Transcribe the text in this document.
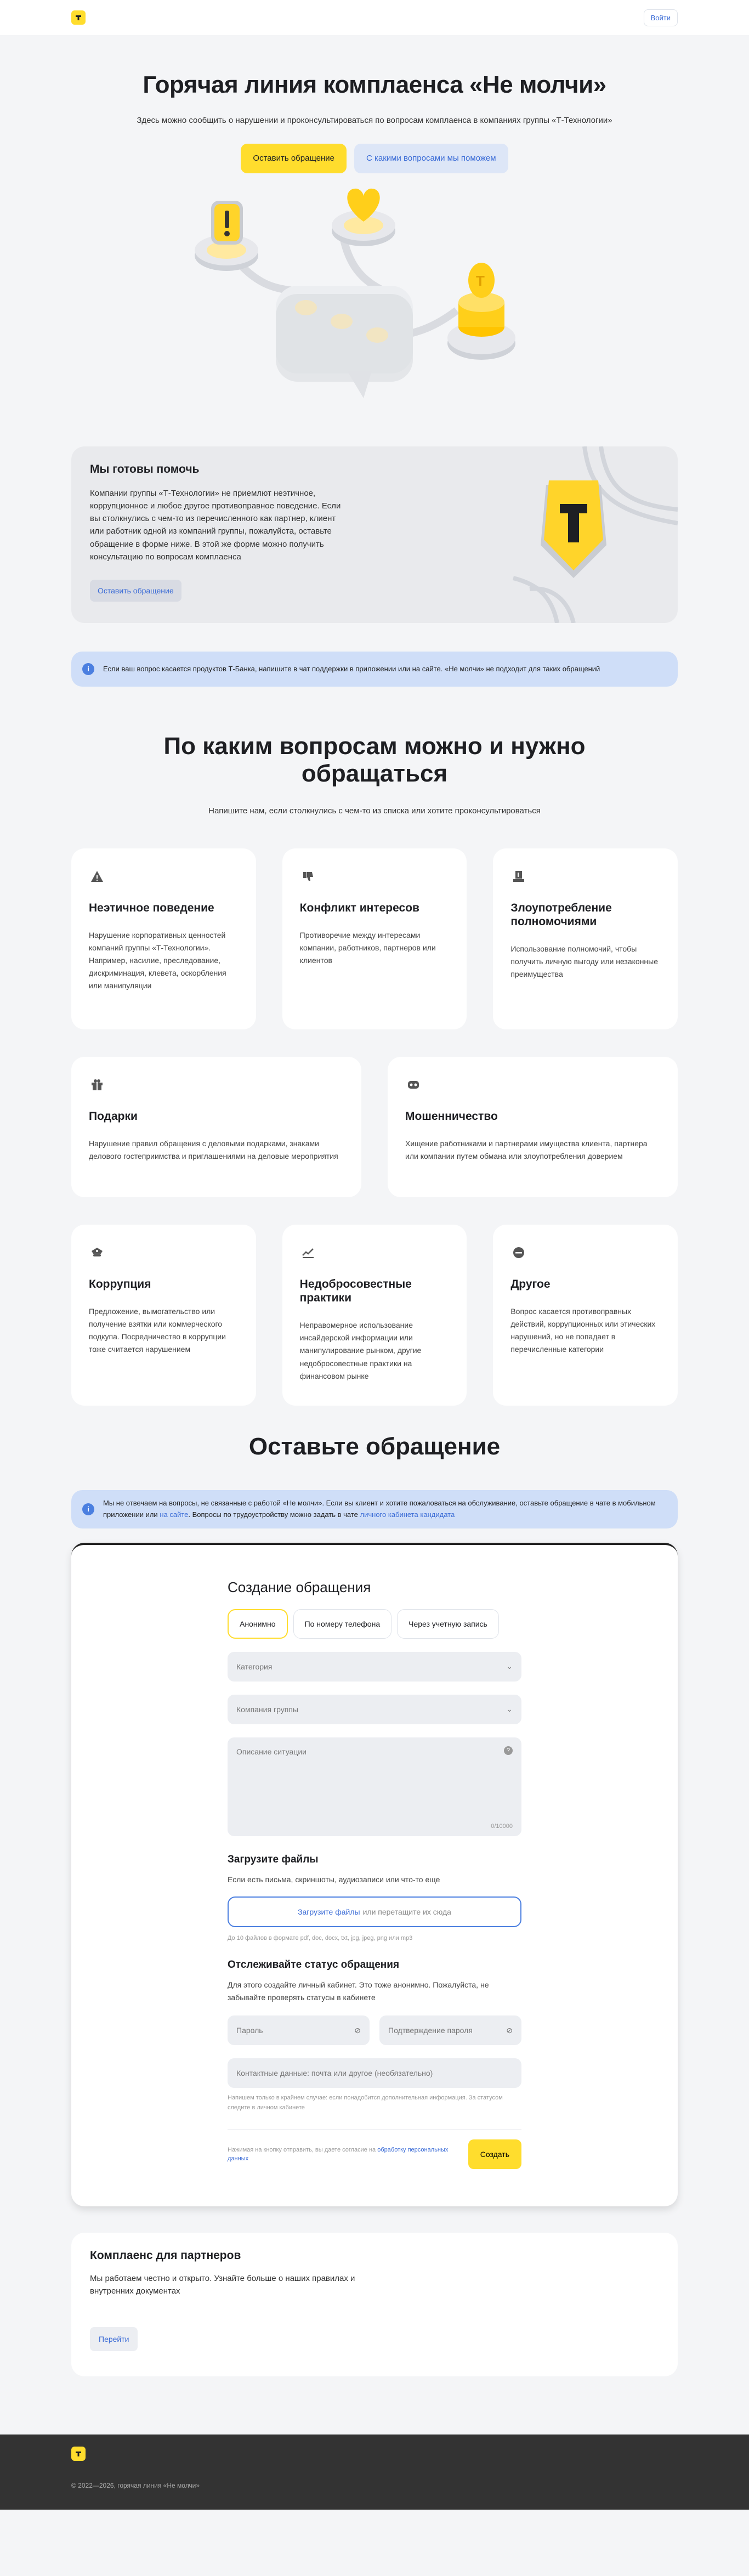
Войти
Горячая линия комплаенса «Не молчи»

Здесь можно сообщить о нарушении и проконсультироваться по вопросам комплаенса в компаниях группы «Т‑Технологии»

Оставить обращение	С какими вопросами мы поможем
T
Мы готовы помочь

Компании группы «Т‑Технологии» не приемлют неэтичное, коррупционное и любое другое противоправное поведение. Если вы столкнулись с чем-то из перечисленного как партнер, клиент или работник одной из компаний группы, пожалуйста, оставьте обращение в форме ниже. В этой же форме можно получить консультацию по вопросам комплаенса

Оставить обращение
i	Если ваш вопрос касается продуктов Т‑Банка, напишите в чат поддержки в приложении или на сайте. «Не молчи» не подходит для таких обращений
По каким вопросам можно и нужно обращаться

Напишите нам, если столкнулись с чем-то из списка или хотите проконсультироваться

Неэтичное поведение

Нарушение корпоративных ценностей компаний группы «Т‑Технологии». Например, насилие, преследование, дискриминация, клевета, оскорбления или манипуляции

Конфликт интересов

Противоречие между интересами компании, работников, партнеров или клиентов

Злоупотребление полномочиями

Использование полномочий, чтобы получить личную выгоду или незаконные преимущества

Подарки

Нарушение правил обращения с деловыми подарками, знаками делового гостеприимства и приглашениями на деловые мероприятия

Мошенничество

Хищение работниками и партнерами имущества клиента, партнера или компании путем обмана или злоупотребления доверием

Коррупция

Предложение, вымогательство или получение взятки или коммерческого подкупа. Посредничество в коррупции тоже считается нарушением

Недобросовестные практики

Неправомерное использование инсайдерской информации или манипулирование рынком, другие недобросовестные практики на финансовом рынке

Другое

Вопрос касается противоправных действий, коррупционных или этических нарушений, но не попадает в перечисленные категории

Оставьте обращение
i
Мы не отвечаем на вопросы, не связанные с работой «Не молчи». Если вы клиент и хотите пожаловаться на обслуживание, оставьте обращение в чате в мобильном приложении или на сайте. Вопросы по трудоустройству можно задать в чате личного кабинета кандидата
Создание обращения
Анонимно	По номеру телефона	Через учетную запись
Категория	⌄
Компания группы	⌄
Описание ситуации	?
0/10000
Загрузите файлы

Если есть письма, скриншоты, аудиозаписи или что-то еще

Загрузите файлы или перетащите их сюда

До 10 файлов в формате pdf, doc, docx, txt, jpg, jpeg, png или mp3

Отслеживайте статус обращения

Для этого создайте личный кабинет. Это тоже анонимно. Пожалуйста, не забывайте проверять статусы в кабинете

Пароль	⊘	Подтверждение пароля	⊘
Контактные данные: почта или другое (необязательно)

Напишем только в крайнем случае: если понадобится дополнительная информация. За статусом следите в личном кабинете

Нажимая на кнопку отправить, вы даете согласие на обработку персональных данных	Создать
Комплаенс для партнеров

Мы работаем честно и открыто. Узнайте больше о наших правилах и внутренних документах

Перейти

© 2022—2026, горячая линия «Не молчи»
